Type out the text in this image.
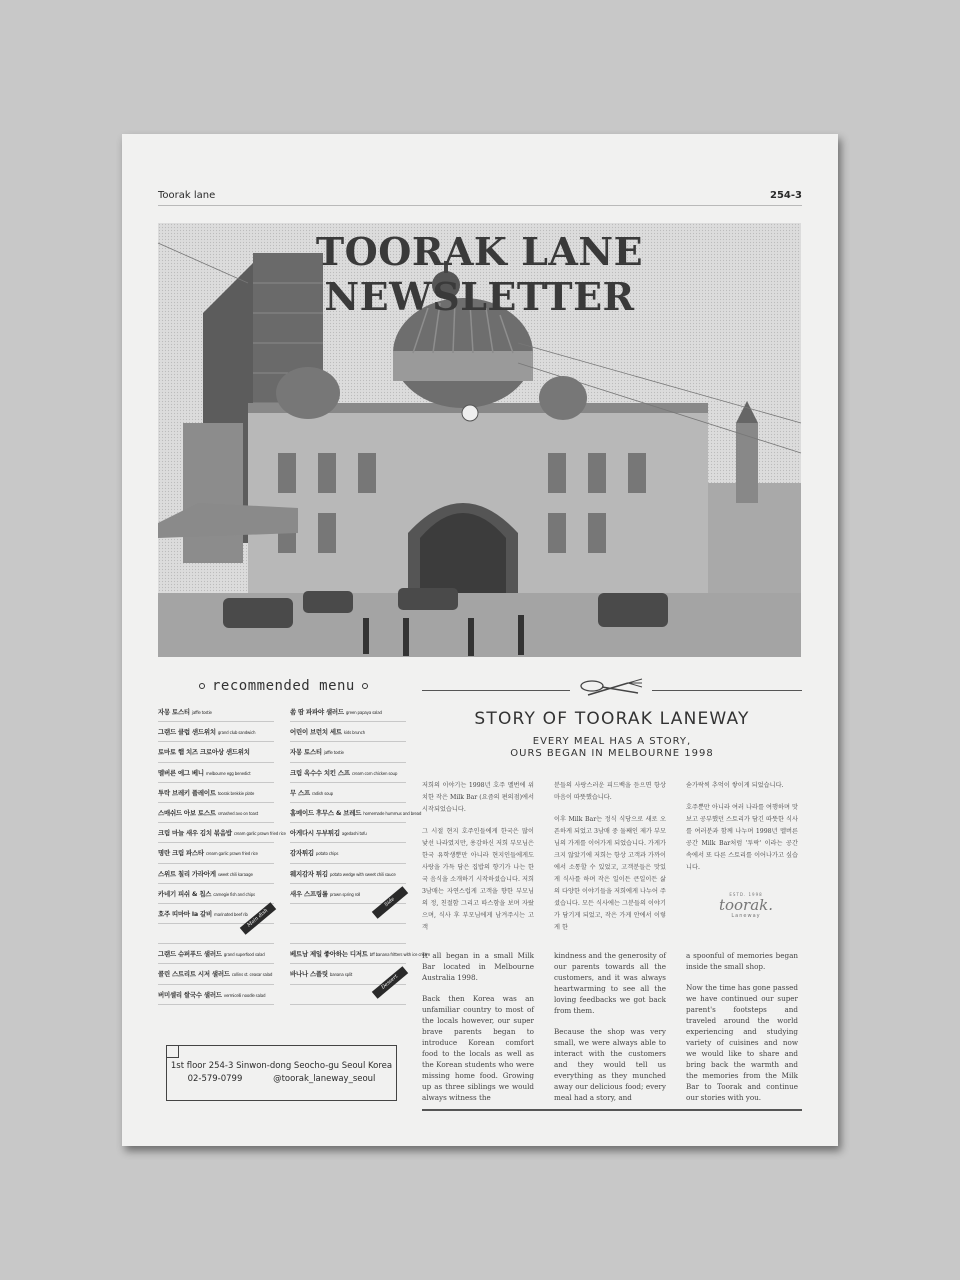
Toorak lane	254-3
TOORAK LANE NEWSLETTER
recommended menu
자몽 토스티 jaffle tostie
그랜드 클럽 샌드위치 grand club sandwich
토마토 햄 치즈 크로아상 샌드위치
멜버른 에그 베니 melbourne egg benedict
투락 브레키 플레이트 toorak brekkie plate
스매쉬드 아보 토스트 smashed avo on toast
크림 마늘 새우 김치 볶음밥 cream garlic prawn fried rice
명란 크림 파스타 cream garlic prawn fried rice
스위트 칠리 가라아게 sweet chili karaage
카네기 피쉬 & 칩스 carnegie fish and chips
호주 띠마마 la 갈비 marinated beef rib
그랜드 슈퍼푸드 샐러드 grand superfood salad
콜린 스트리트 시저 샐러드 collins st. ceasar salad
버미셀리 쌀국수 샐러드 vermicelli noodle salad
Main dish
쏨 땀 파파야 샐러드 green papaya salad
어린이 브런치 세트 kids brunch
자몽 토스티 jaffle tostie
크림 옥수수 치킨 스프 cream corn chicken soup
무 스프 radish soup
홈메이드 후무스 & 브레드 homemade hummus and bread
아게다시 두부튀김 agedashi tofu
감자튀김 potato chips
웨지감자 튀김 potato wedge with sweet chili sauce
새우 스프링롤 prawn spring roll
베트남 제일 좋아하는 디저트 bff banana fritters with ice cream
바나나 스플릿 banana split
Side
Dessert
1st floor 254-3 Sinwon-dong Seocho-gu Seoul Korea
02-579-0799	@toorak_laneway_seoul
STORY OF TOORAK LANEWAY
EVERY MEAL HAS A STORY,
OURS BEGAN IN MELBOURNE 1998

저희의 이야기는 1998년 호주 멜번에 위치한 작은 Milk Bar (요즘의 편의점)에서 시작되었습니다.

그 시절 현지 호주인들에게 한국은 많이 낯선 나라였지만, 용감하신 저희 부모님은 한국 유학생뿐만 아니라 현지인들에게도 사랑을 가득 담은 집밥의 향기가 나는 한국 음식을 소개하기 시작하셨습니다. 저희 3남매는 자연스럽게 고객을 향한 부모님의 정, 친절함 그리고 따스함을 보며 자랐으며, 식사 후 부모님에게 남겨주시는 고객

분들의 사랑스러운 피드백을 듣으면 항상 마음이 따뜻했습니다.

이후 Milk Bar는 정식 식당으로 새로 오픈하게 되었고 3남매 중 둘째인 제가 부모님의 가게를 이어가게 되었습니다. 가게가 크지 않았기에 저희는 항상 고객과 가까이에서 소통할 수 있었고, 고객분들은 맛있게 식사를 하며 작은 일이든 큰일이든 삶의 다양한 이야기들을 저희에게 나누어 주셨습니다. 모든 식사에는 그분들의 이야기가 담기게 되었고, 작은 가게 안에서 이렇게 한

숟가락씩 추억이 쌓이게 되었습니다.

호주뿐만 아니라 여러 나라를 여행하며 맛보고 공부했던 스토리가 담긴 따뜻한 식사를 여러분과 함께 나누며 1998년 멜버른 공간 Milk Bar처럼 '투락' 이라는 공간 속에서 또 다른 스토리를 이어나가고 싶습니다.

ESTD. 1998
toorak.
Laneway

It all began in a small Milk Bar located in Melbourne Australia 1998.

Back then Korea was an unfamiliar country to most of the locals however, our super brave parents began to introduce Korean comfort food to the locals as well as the Korean students who were missing home food. Growing up as three siblings we would always witness the

kindness and the generosity of our parents towards all the customers, and it was always heartwarming to see all the loving feedbacks we got back from them.

Because the shop was very small, we were always able to interact with the customers and they would tell us everything as they munched away our delicious food; every meal had a story, and

a spoonful of memories began inside the small shop.

Now the time has gone passed we have continued our super parent's footsteps and traveled around the world experiencing and studying variety of cuisines and now we would like to share and bring back the warmth and the memories from the Milk Bar to Toorak and continue our stories with you.
